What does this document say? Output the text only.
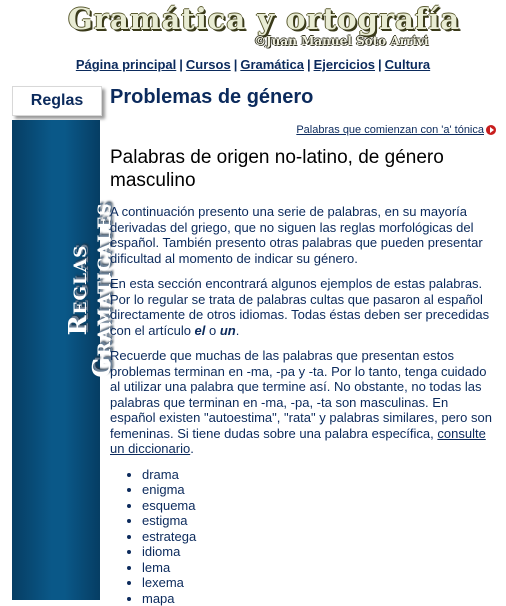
Gramática y ortografía
©Juan Manuel Soto Arrivi
Página principal | Cursos | Gramática | Ejercicios | Cultura
Reglas
Reglas
Gramaticales
Problemas de género
Palabras que comienzan con 'a' tónica
Palabras de origen no-latino, de género masculino

A continuación presento una serie de palabras, en su mayoría derivadas del griego, que no siguen las reglas morfológicas del español. También presento otras palabras que pueden presentar dificultad al momento de indicar su género.

En esta sección encontrará algunos ejemplos de estas palabras. Por lo regular se trata de palabras cultas que pasaron al español directamente de otros idiomas. Todas éstas deben ser precedidas con el artículo el o un.

Recuerde que muchas de las palabras que presentan estos problemas terminan en -ma, -pa y -ta. Por lo tanto, tenga cuidado al utilizar una palabra que termine así. No obstante, no todas las palabras que terminan en -ma, -pa, -ta son masculinas. En español existen "autoestima", "rata" y palabras similares, pero son femeninas. Si tiene dudas sobre una palabra específica, consulte un diccionario.

• drama
• enigma
• esquema
• estigma
• estratega
• idioma
• lema
• lexema
• mapa
